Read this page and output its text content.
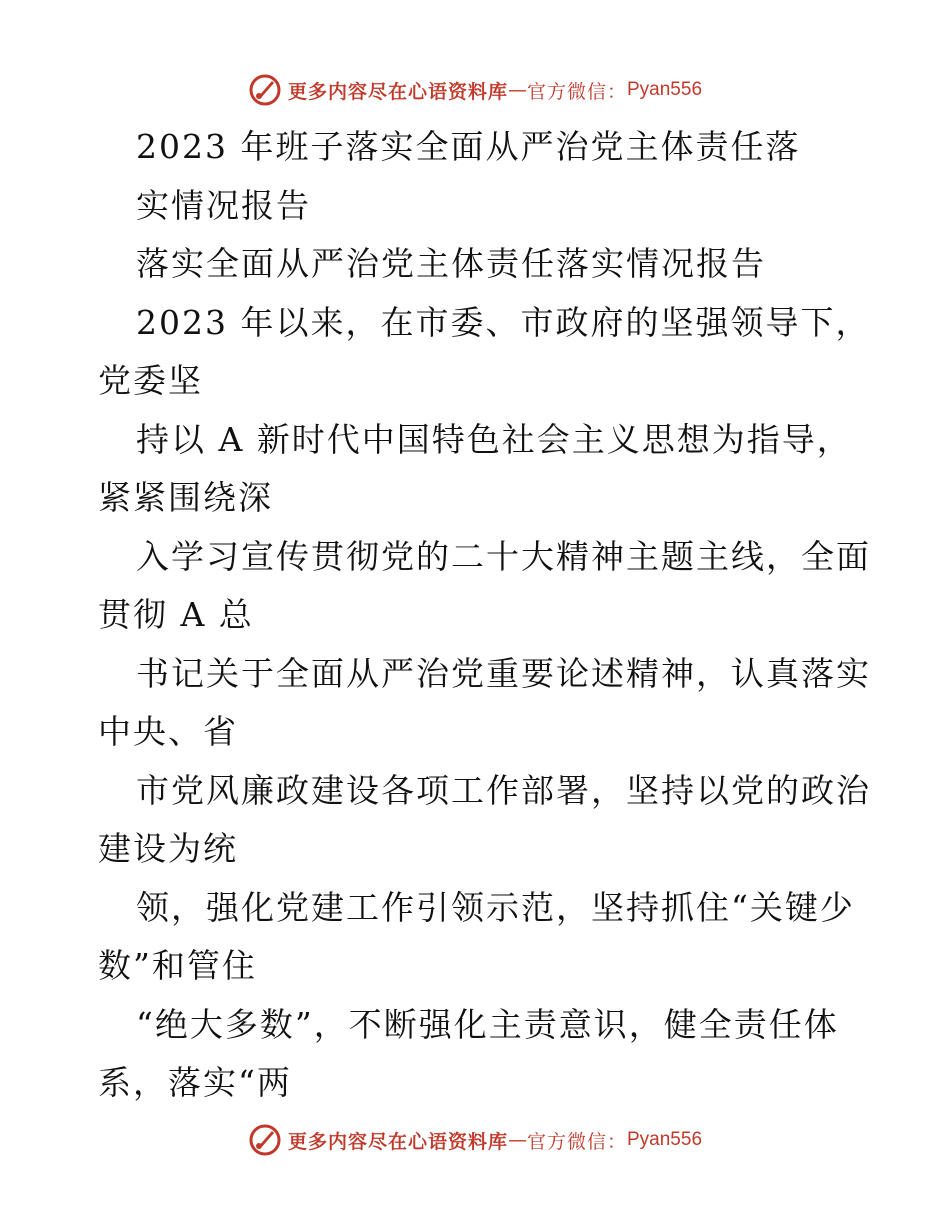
更多内容尽在心语资料库 — 官方微信： Pyan556
2023 年班子落实全面从严治党主体责任落
实情况报告
落实全面从严治党主体责任落实情况报告
2023 年以来，在市委、市政府的坚强领导下，
党委坚
持以 A 新时代中国特色社会主义思想为指导，
紧紧围绕深
入学习宣传贯彻党的二十大精神主题主线，全面
贯彻 A 总
书记关于全面从严治党重要论述精神，认真落实
中央、省
市党风廉政建设各项工作部署，坚持以党的政治
建设为统
领，强化党建工作引领示范，坚持抓住“关键少
数”和管住
“绝大多数”，不断强化主责意识，健全责任体
系，落实“两
更多内容尽在心语资料库 — 官方微信： Pyan556
